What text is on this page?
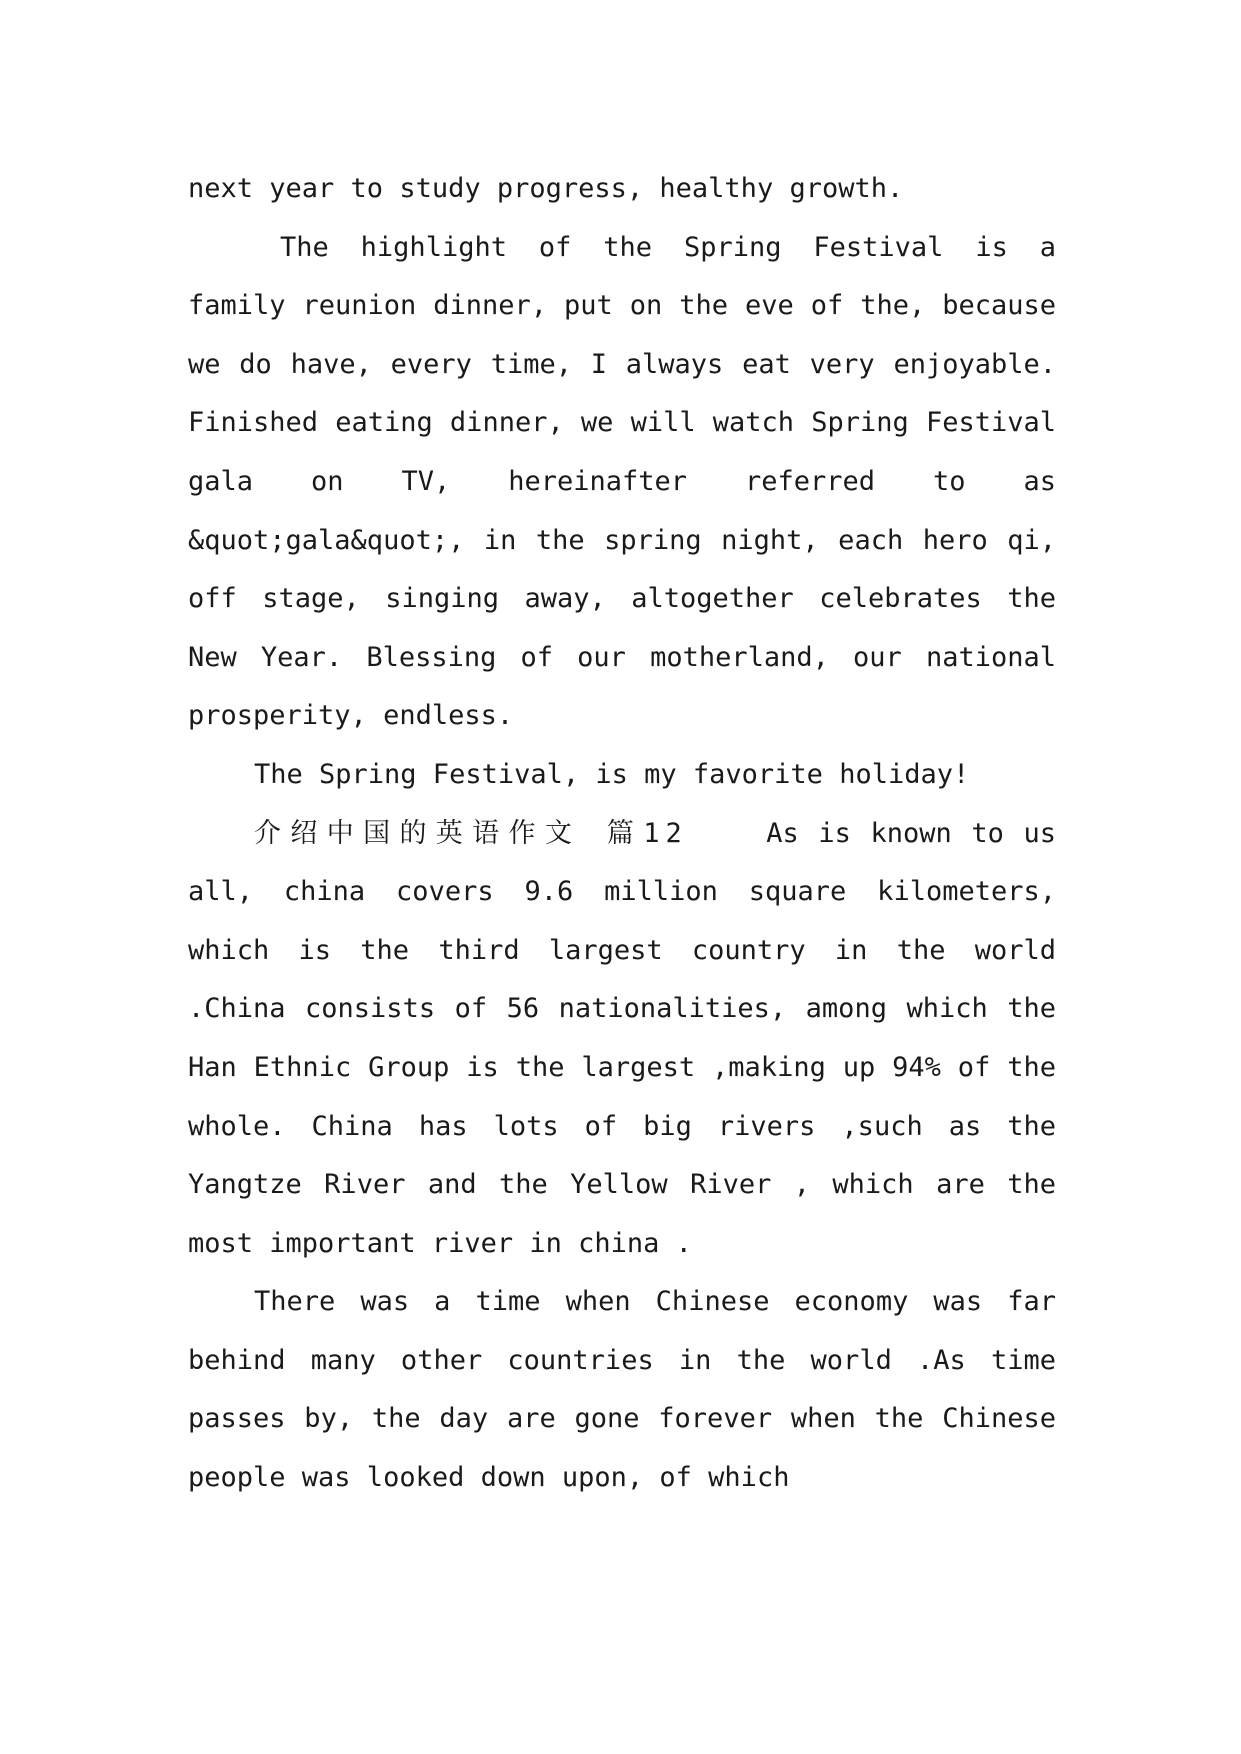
next year to study progress, healthy growth.

The highlight of the Spring Festival is a family reunion dinner, put on the eve of the, because we do have, every time, I always eat very enjoyable. Finished eating dinner, we will watch Spring Festival gala on TV, hereinafter referred to as &quot;gala&quot;, in the spring night, each hero qi, off stage, singing away, altogether celebrates the New Year. Blessing of our motherland, our national prosperity, endless.

The Spring Festival, is my favorite holiday!

介绍中国的英语作文 篇12	As is known to us all, china covers 9.6 million square kilometers, which is the third largest country in the world .China consists of 56 nationalities, among which the Han Ethnic Group is the largest ,making up 94% of the whole. China has lots of big rivers ,such as the Yangtze River and the Yellow River , which are the most important river in china .

There was a time when Chinese economy was far behind many other countries in the world .As time passes by, the day are gone forever when the Chinese people was looked down upon, of which
